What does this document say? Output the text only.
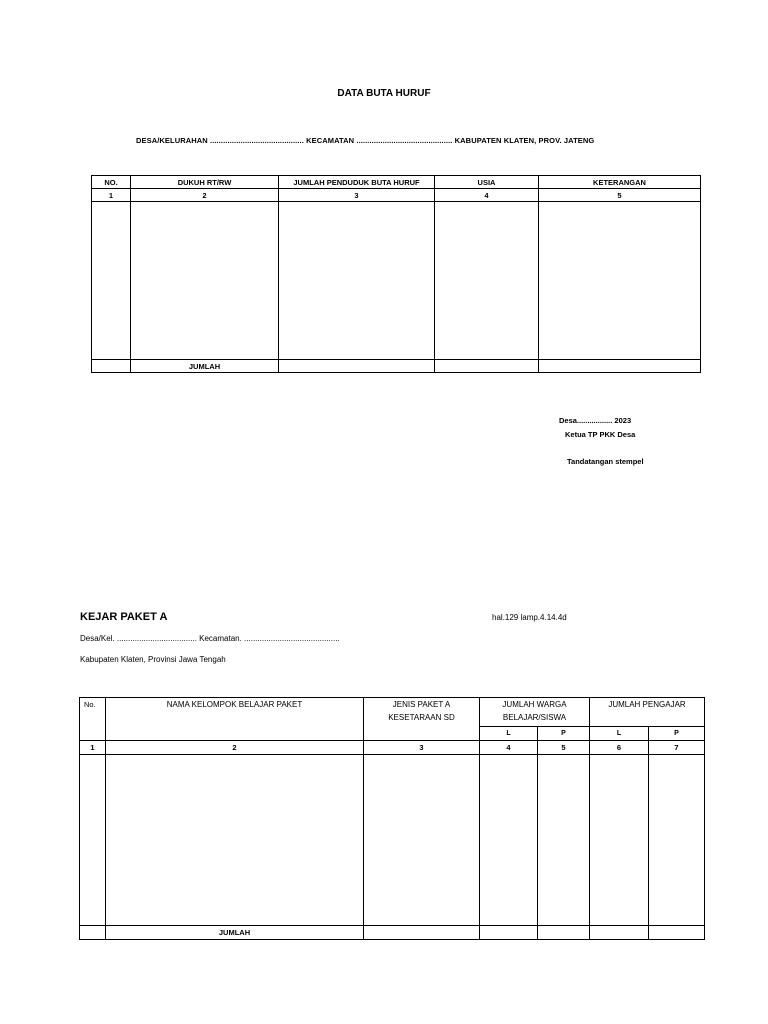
DATA BUTA HURUF
DESA/KELURAHAN ........................................... KECAMATAN ............................................ KABUPATEN KLATEN, PROV. JATENG
NO.	DUKUH RT/RW	JUMLAH PENDUDUK BUTA HURUF	USIA	KETERANGAN
1	2	3	4	5

	JUMLAH			
Desa................. 2023
Ketua TP PKK Desa
Tandatangan stempel
KEJAR PAKET A	hal.129 lamp.4.14.4d
Desa/Kel. .................................... Kecamatan. ...........................................
Kabupaten Klaten, Provinsi Jawa Tengah
No.	NAMA KELOMPOK BELAJAR PAKET	JENIS PAKET A KESETARAAN SD	JUMLAH WARGA BELAJAR/SISWA		JUMLAH PENGAJAR	
			L	P	L	P
1	2	3	4	5	6	7

	JUMLAH					
